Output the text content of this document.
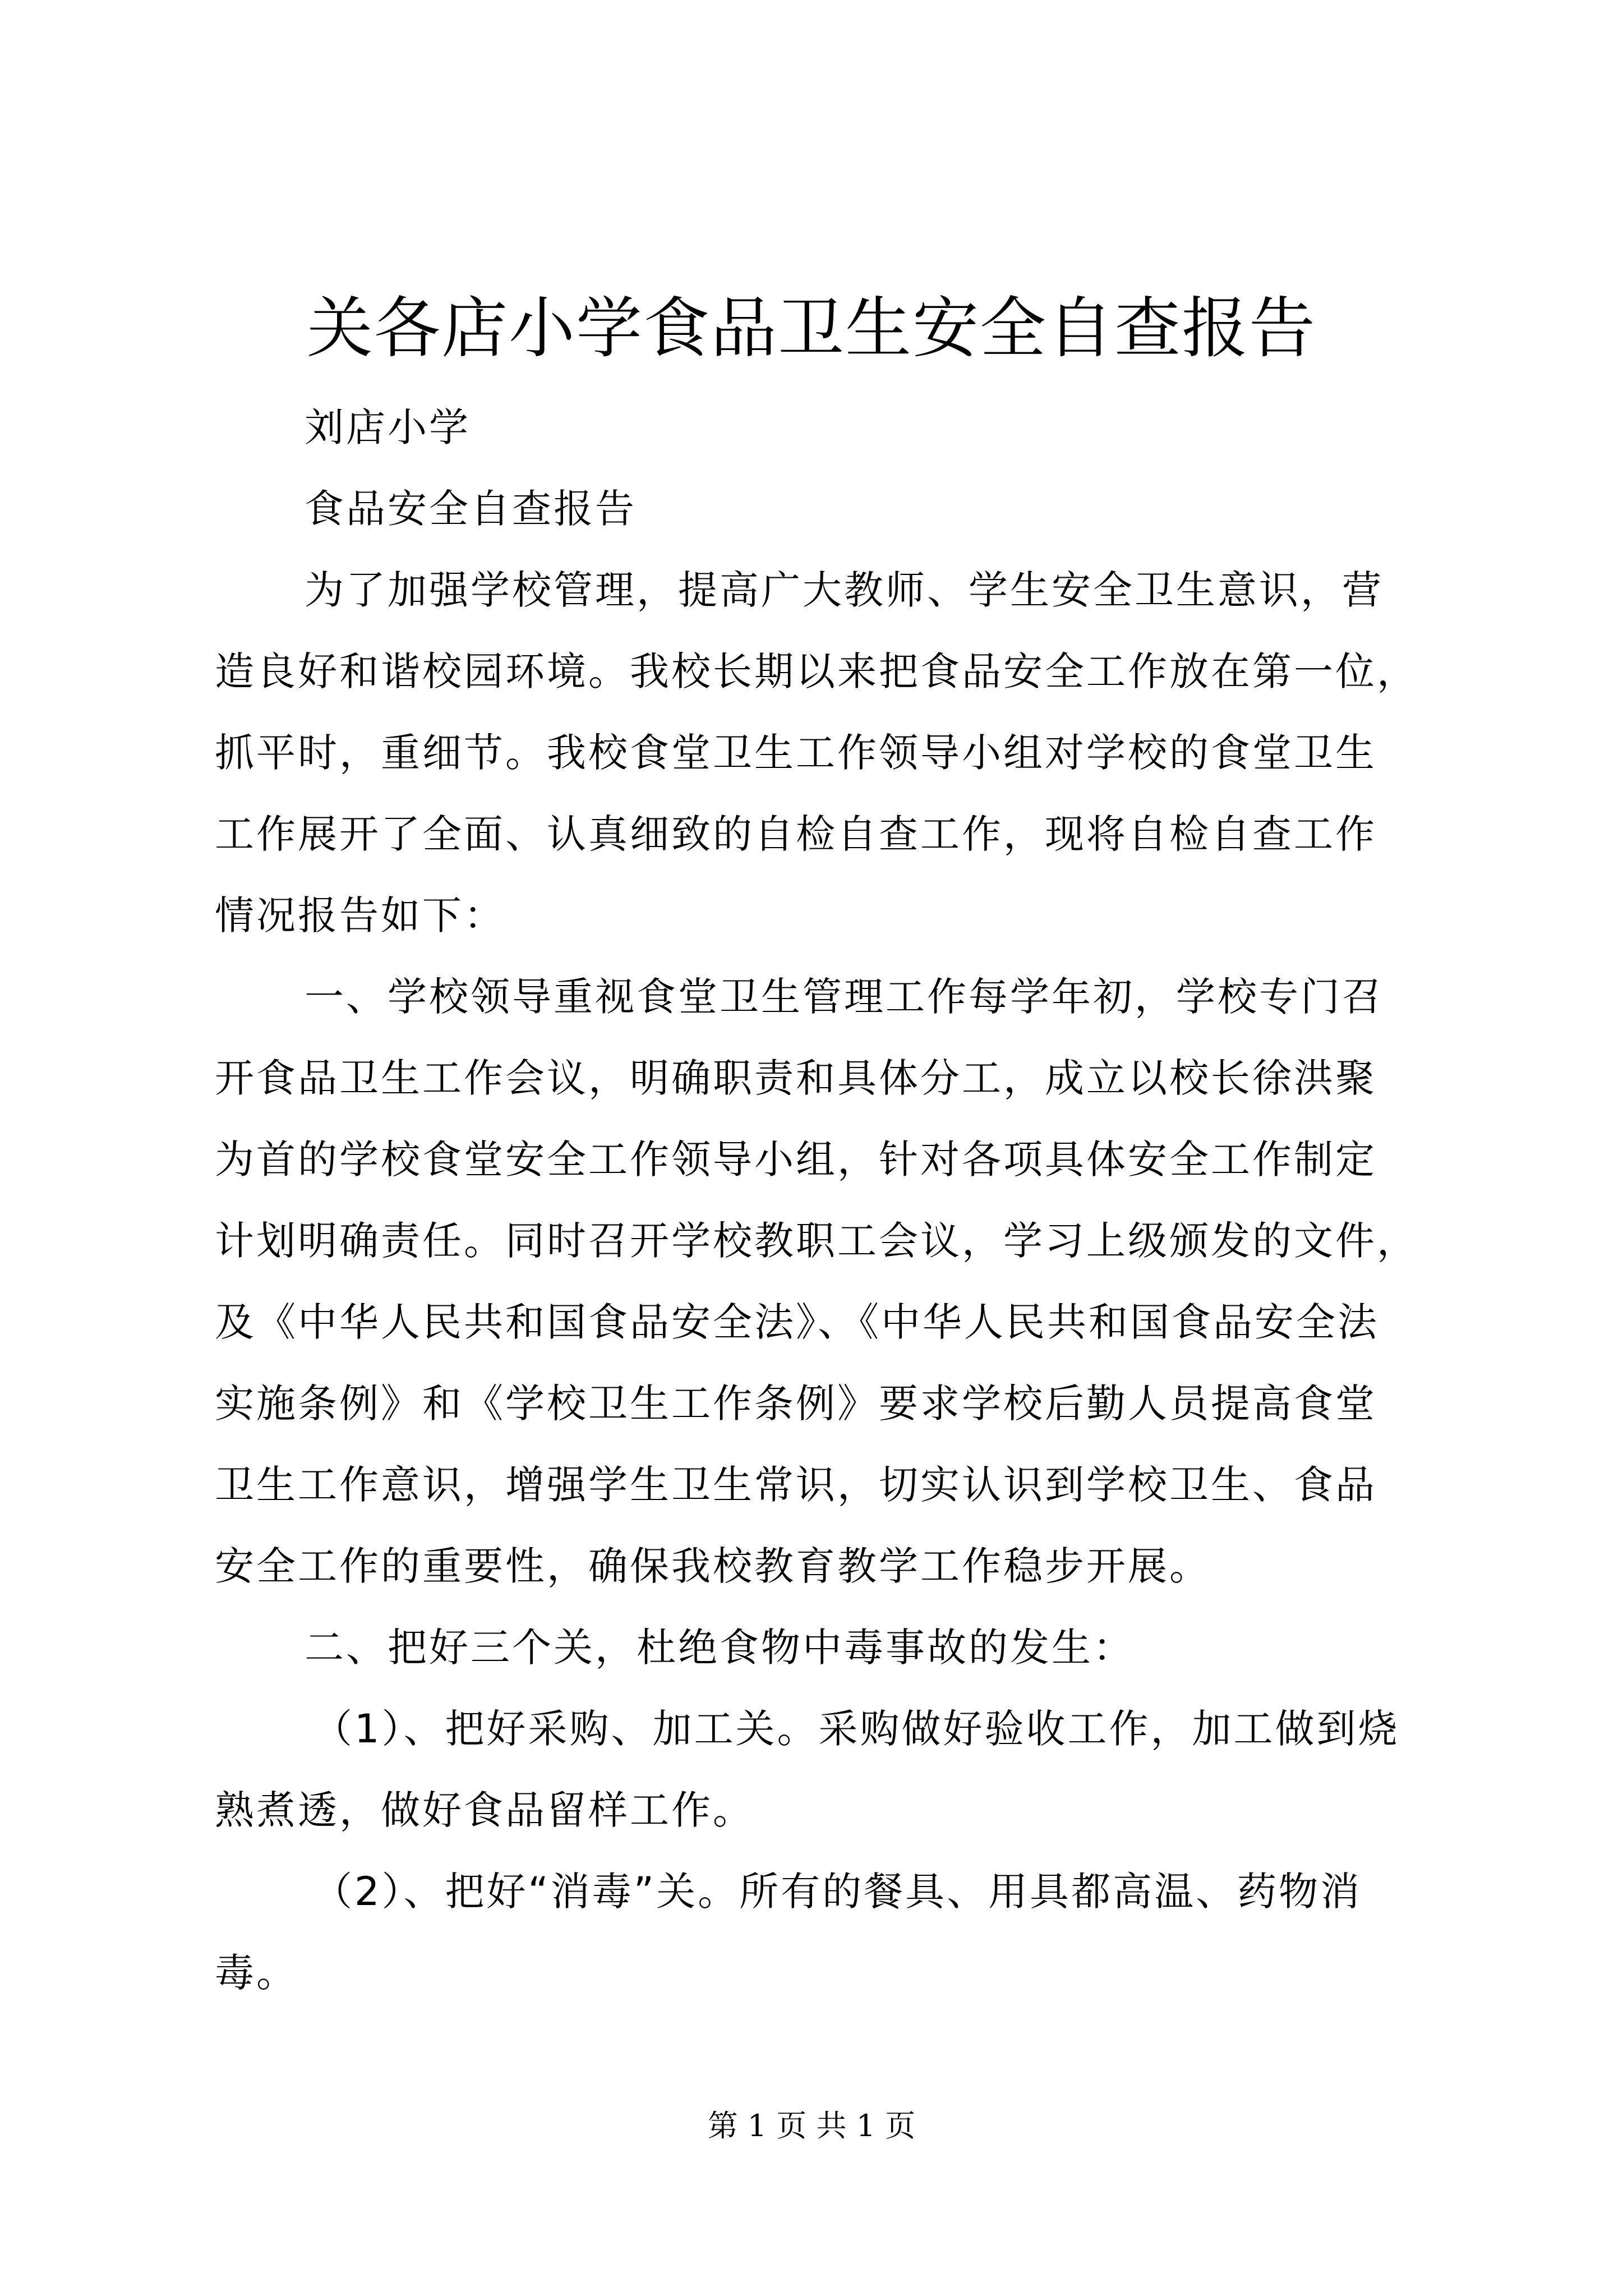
关各店小学食品卫生安全自查报告
刘店小学
食品安全自查报告
为了加强学校管理，提高广大教师、学生安全卫生意识，营
造良好和谐校园环境。我校长期以来把食品安全工作放在第一位，
抓平时，重细节。我校食堂卫生工作领导小组对学校的食堂卫生
工作展开了全面、认真细致的自检自查工作，现将自检自查工作
情况报告如下：
一、学校领导重视食堂卫生管理工作每学年初，学校专门召
开食品卫生工作会议，明确职责和具体分工，成立以校长徐洪聚
为首的学校食堂安全工作领导小组，针对各项具体安全工作制定
计划明确责任。同时召开学校教职工会议，学习上级颁发的文件，
及《中华人民共和国食品安全法》、《中华人民共和国食品安全法
实施条例》和《学校卫生工作条例》要求学校后勤人员提高食堂
卫生工作意识，增强学生卫生常识，切实认识到学校卫生、食品
安全工作的重要性，确保我校教育教学工作稳步开展。
二、把好三个关，杜绝食物中毒事故的发生：
（1）、把好采购、加工关。采购做好验收工作，加工做到烧
熟煮透，做好食品留样工作。
（2）、把好“消毒”关。所有的餐具、用具都高温、药物消
毒。
第 1 页 共 1 页
